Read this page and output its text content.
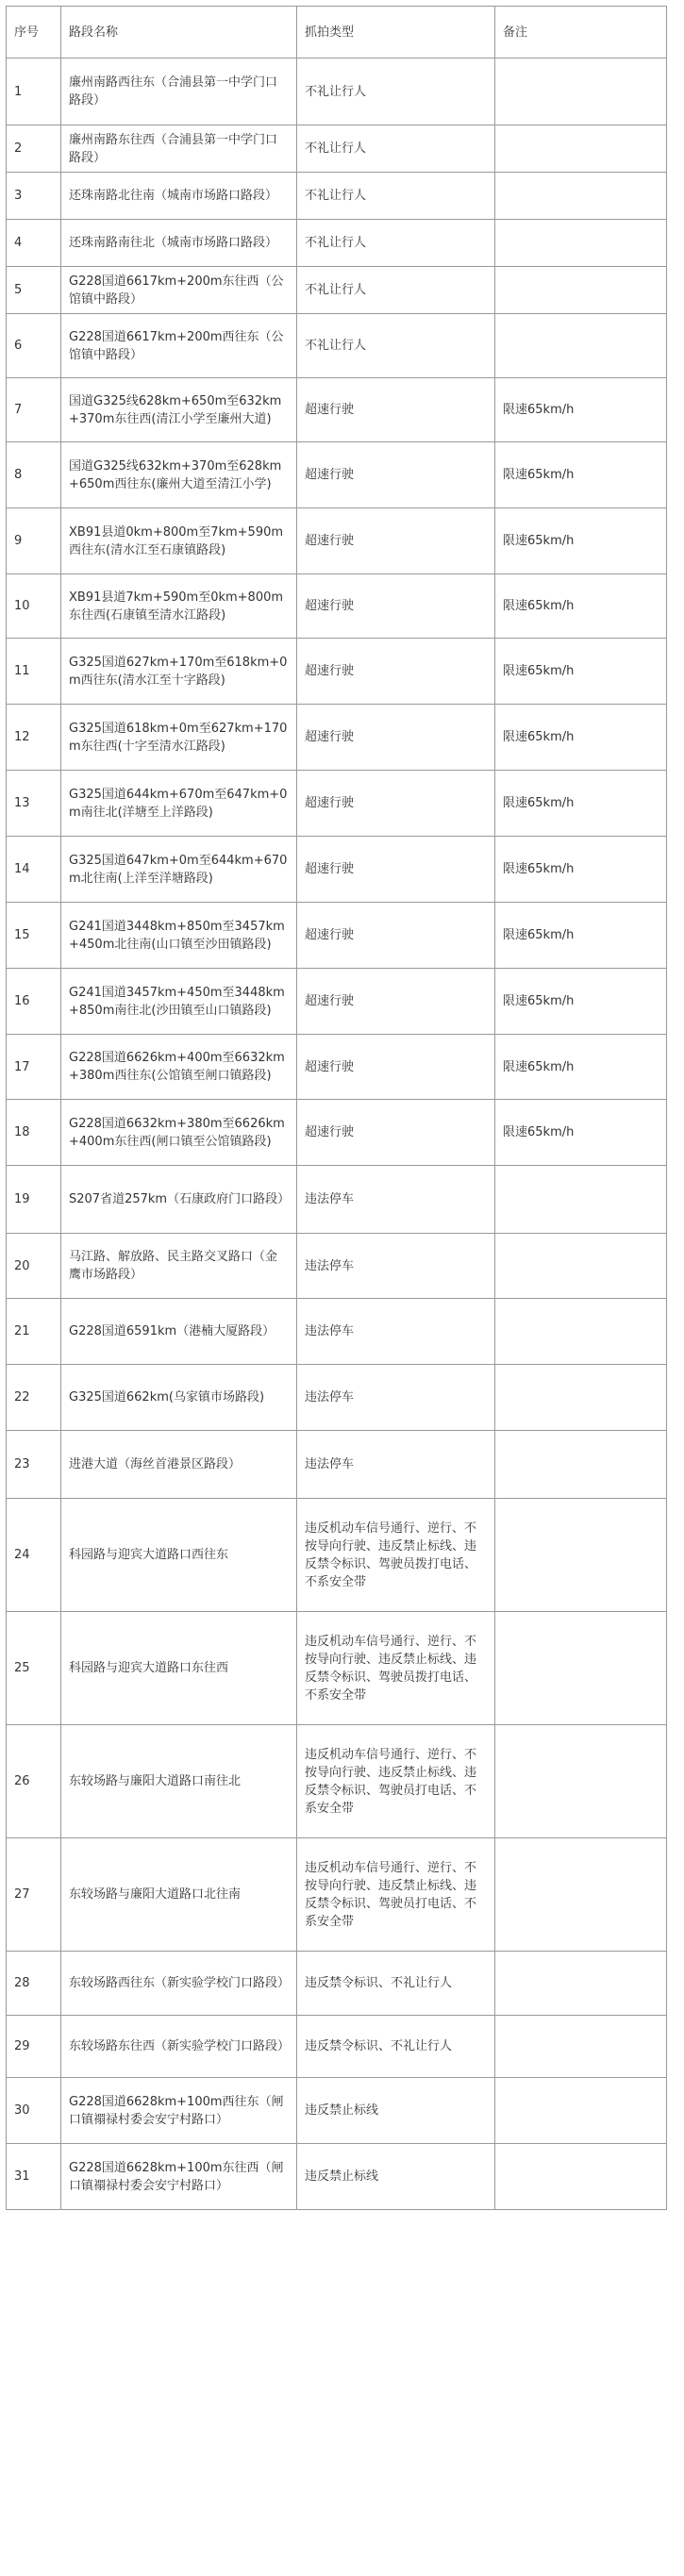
序号	路段名称	抓拍类型	备注
1	廉州南路西往东（合浦县第一中学门口路段）	不礼让行人	
2	廉州南路东往西（合浦县第一中学门口路段）	不礼让行人	
3	还珠南路北往南（城南市场路口路段）	不礼让行人	
4	还珠南路南往北（城南市场路口路段）	不礼让行人	
5	G228国道6617km+200m东往西（公馆镇中路段）	不礼让行人	
6	G228国道6617km+200m西往东（公馆镇中路段）	不礼让行人	
7	国道G325线628km+650m至632km+370m东往西(清江小学至廉州大道)	超速行驶	限速65km/h
8	国道G325线632km+370m至628km+650m西往东(廉州大道至清江小学)	超速行驶	限速65km/h
9	XB91县道0km+800m至7km+590m西往东(清水江至石康镇路段)	超速行驶	限速65km/h
10	XB91县道7km+590m至0km+800m东往西(石康镇至清水江路段)	超速行驶	限速65km/h
11	G325国道627km+170m至618km+0m西往东(清水江至十字路段)	超速行驶	限速65km/h
12	G325国道618km+0m至627km+170m东往西(十字至清水江路段)	超速行驶	限速65km/h
13	G325国道644km+670m至647km+0m南往北(洋塘至上洋路段)	超速行驶	限速65km/h
14	G325国道647km+0m至644km+670m北往南(上洋至洋塘路段)	超速行驶	限速65km/h
15	G241国道3448km+850m至3457km+450m北往南(山口镇至沙田镇路段)	超速行驶	限速65km/h
16	G241国道3457km+450m至3448km+850m南往北(沙田镇至山口镇路段)	超速行驶	限速65km/h
17	G228国道6626km+400m至6632km+380m西往东(公馆镇至闸口镇路段)	超速行驶	限速65km/h
18	G228国道6632km+380m至6626km+400m东往西(闸口镇至公馆镇路段)	超速行驶	限速65km/h
19	S207省道257km（石康政府门口路段）	违法停车	
20	马江路、解放路、民主路交叉路口（金鹰市场路段）	违法停车	
21	G228国道6591km（港楠大厦路段）	违法停车	
22	G325国道662km(乌家镇市场路段)	违法停车	
23	进港大道（海丝首港景区路段）	违法停车	
24	科园路与迎宾大道路口西往东	违反机动车信号通行、逆行、不按导向行驶、违反禁止标线、违反禁令标识、驾驶员拨打电话、不系安全带	
25	科园路与迎宾大道路口东往西	违反机动车信号通行、逆行、不按导向行驶、违反禁止标线、违反禁令标识、驾驶员拨打电话、不系安全带	
26	东较场路与廉阳大道路口南往北	违反机动车信号通行、逆行、不按导向行驶、违反禁止标线、违反禁令标识、驾驶员打电话、不系安全带	
27	东较场路与廉阳大道路口北往南	违反机动车信号通行、逆行、不按导向行驶、违反禁止标线、违反禁令标识、驾驶员打电话、不系安全带	
28	东较场路西往东（新实验学校门口路段）	违反禁令标识、不礼让行人	
29	东较场路东往西（新实验学校门口路段）	违反禁令标识、不礼让行人	
30	G228国道6628km+100m西往东（闸口镇禤禄村委会安宁村路口）	违反禁止标线	
31	G228国道6628km+100m东往西（闸口镇禤禄村委会安宁村路口）	违反禁止标线	
